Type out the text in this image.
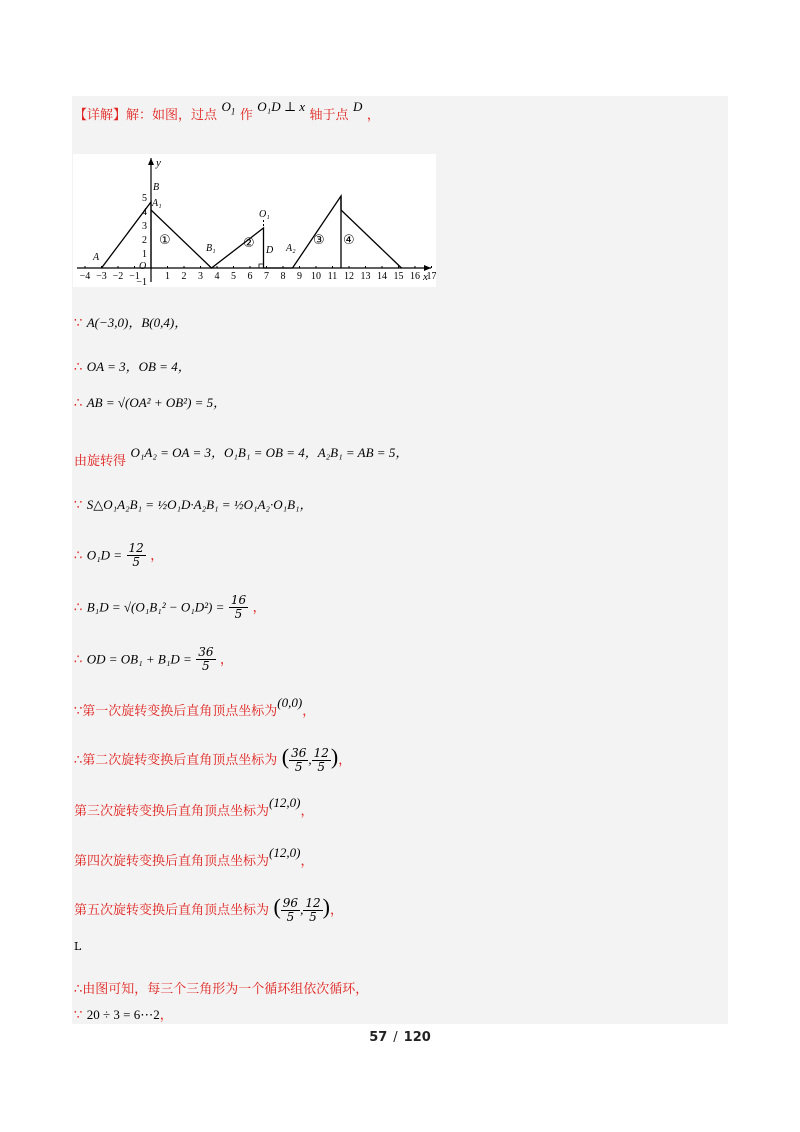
【详解】解：如图，过点 $O_1$ 作 O₁D ⊥ x 轴于点 D ，
−4 −3 −2 −1	1 2 3 4 5 6 7 8 9 10 11 12 13 14 15 16 17
1
2
3
4
5
−1
A
B
A₁
O
B₁
O₁
D A₂
①	②	③ ④
x
y
∵ A(−3,0)，B(0,4)，
∴ OA = 3，OB = 4，
∴ AB = √(OA² + OB²) = 5，
由旋转得 O₁A₂ = OA = 3，O₁B₁ = OB = 4，A₂B₁ = AB = 5，
∵ S△O₁A₂B₁ = ½O₁D·A₂B₁ = ½O₁A₂·O₁B₁，
∴ $O_1D = \frac{12}{5}$ ，
∴ $B_1D = √(O_1B_1^2 - O_1D^2) = \frac{16}{5}$ ，
∴ OD = $OB_1 + B_1D = \frac{36}{5}$ ，
∵第一次旋转变换后直角顶点坐标为(0,0)，
∴第二次旋转变换后直角顶点坐标为 ( $\frac{36}{5}$ , $\frac{12}{5}$ )，
第三次旋转变换后直角顶点坐标为(12,0)，
第四次旋转变换后直角顶点坐标为(12,0)，
第五次旋转变换后直角顶点坐标为 ( $\frac{96}{5}$ , $\frac{12}{5}$ )，
L
∴由图可知，每三个三角形为一个循环组依次循环，
∵ 20 ÷ 3 = 6⋯2，
57 / 120
